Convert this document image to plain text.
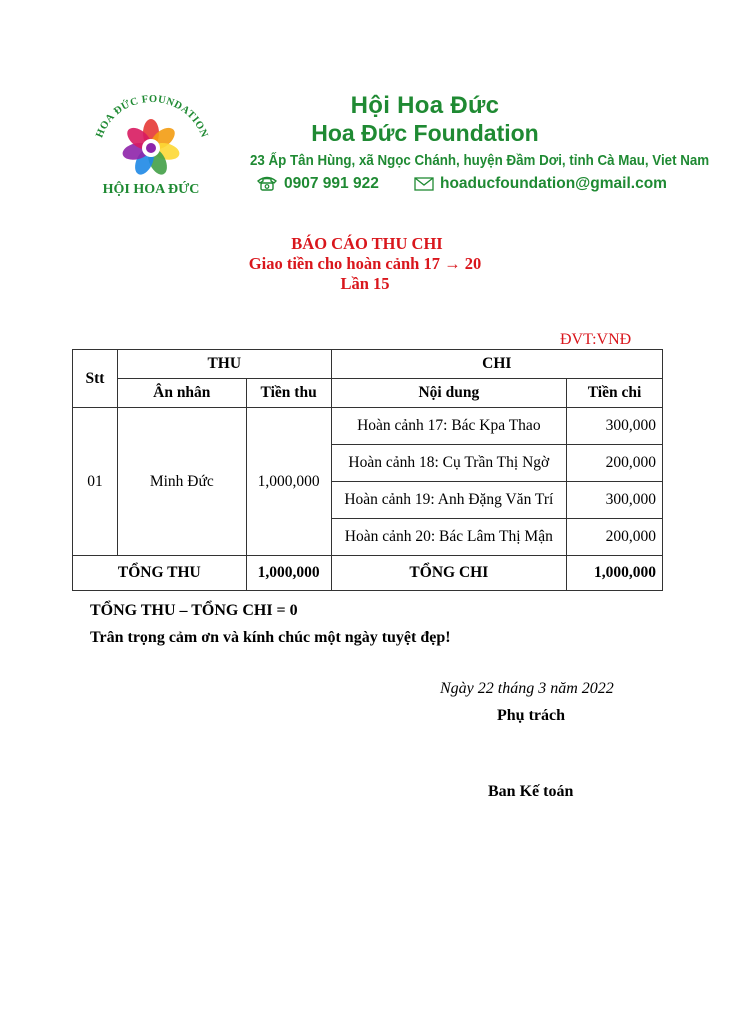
HOA ĐỨC FOUNDATION
HỘI HOA ĐỨC
Hội Hoa Đức
Hoa Đức Foundation
23 Ấp Tân Hùng, xã Ngọc Chánh, huyện Đầm Dơi, tỉnh Cà Mau, Viet Nam
0907 991 922	hoaducfoundation@gmail.com
BÁO CÁO THU CHI
Giao tiền cho hoàn cảnh 17 → 20
Lần 15
ĐVT:VNĐ
Stt	THU		CHI	
	Ân nhân	Tiền thu	Nội dung	Tiền chi
01	Minh Đức	1,000,000	Hoàn cảnh 17: Bác Kpa Thao	300,000
			Hoàn cảnh 18: Cụ Trần Thị Ngờ	200,000
			Hoàn cảnh 19: Anh Đặng Văn Trí	300,000
			Hoàn cảnh 20: Bác Lâm Thị Mận	200,000
TỔNG THU		1,000,000	TỔNG CHI	1,000,000
TỔNG THU – TỔNG CHI = 0
Trân trọng cảm ơn và kính chúc một ngày tuyệt đẹp!
Ngày 22 tháng 3 năm 2022
Phụ trách
Ban Kế toán
